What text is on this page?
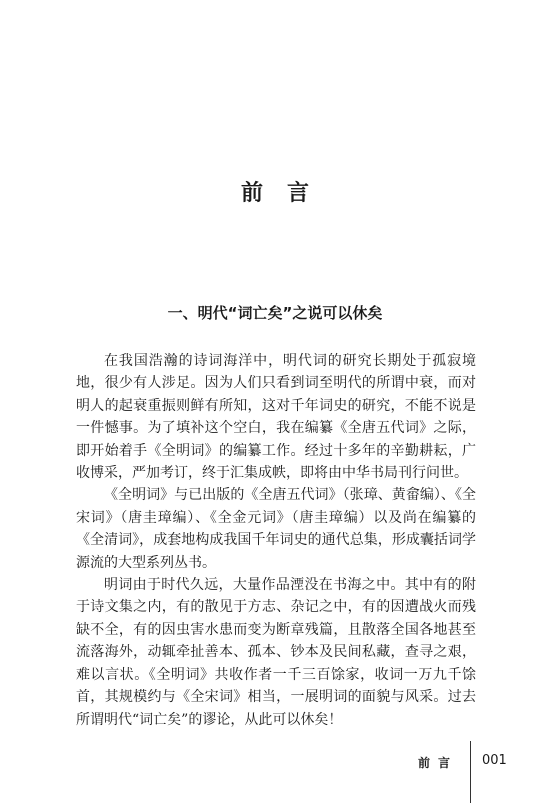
前言
一、明代“词亡矣”之说可以休矣

在我国浩瀚的诗词海洋中，明代词的研究长期处于孤寂境地，很少有人涉足。因为人们只看到词至明代的所谓中衰，而对明人的起衰重振则鲜有所知，这对千年词史的研究，不能不说是一件憾事。为了填补这个空白，我在编纂《全唐五代词》之际，即开始着手《全明词》的编纂工作。经过十多年的辛勤耕耘，广收博采，严加考订，终于汇集成帙，即将由中华书局刊行问世。

《全明词》与已出版的《全唐五代词》（张璋、黄畲编）、《全宋词》（唐圭璋编）、《全金元词》（唐圭璋编）以及尚在编纂的《全清词》，成套地构成我国千年词史的通代总集，形成囊括词学源流的大型系列丛书。

明词由于时代久远，大量作品湮没在书海之中。其中有的附于诗文集之内，有的散见于方志、杂记之中，有的因遭战火而残缺不全，有的因虫害水患而变为断章残篇，且散落全国各地甚至流落海外，动辄牵扯善本、孤本、钞本及民间私藏，查寻之艰，难以言状。《全明词》共收作者一千三百馀家，收词一万九千馀首，其规模约与《全宋词》相当，一展明词的面貌与风采。过去所谓明代“词亡矣”的谬论，从此可以休矣！

前言 001
